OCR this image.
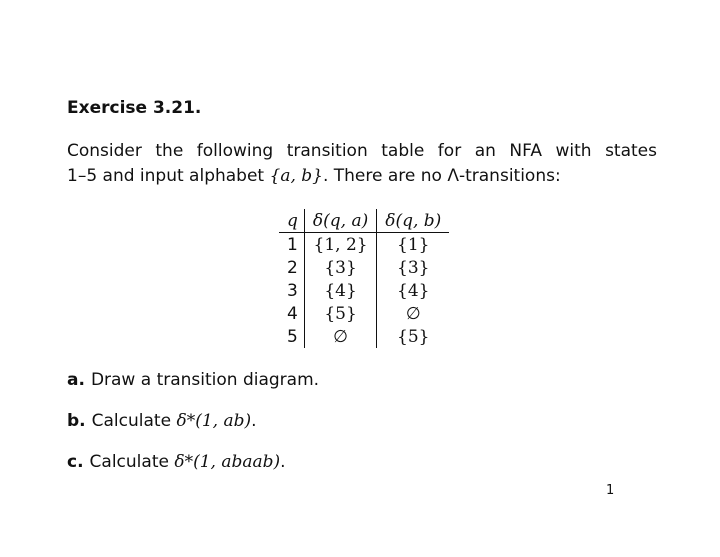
Exercise 3.21.
Consider the following transition table for an NFA with states
1–5 and input alphabet {a, b}. There are no Λ-transitions:
q	δ(q, a)	δ(q, b)
1	{1, 2}	{1}
2	{3}	{3}
3	{4}	{4}
4	{5}	∅
5	∅	{5}
a. Draw a transition diagram.
b. Calculate δ*(1, ab).
c. Calculate δ*(1, abaab).
1
